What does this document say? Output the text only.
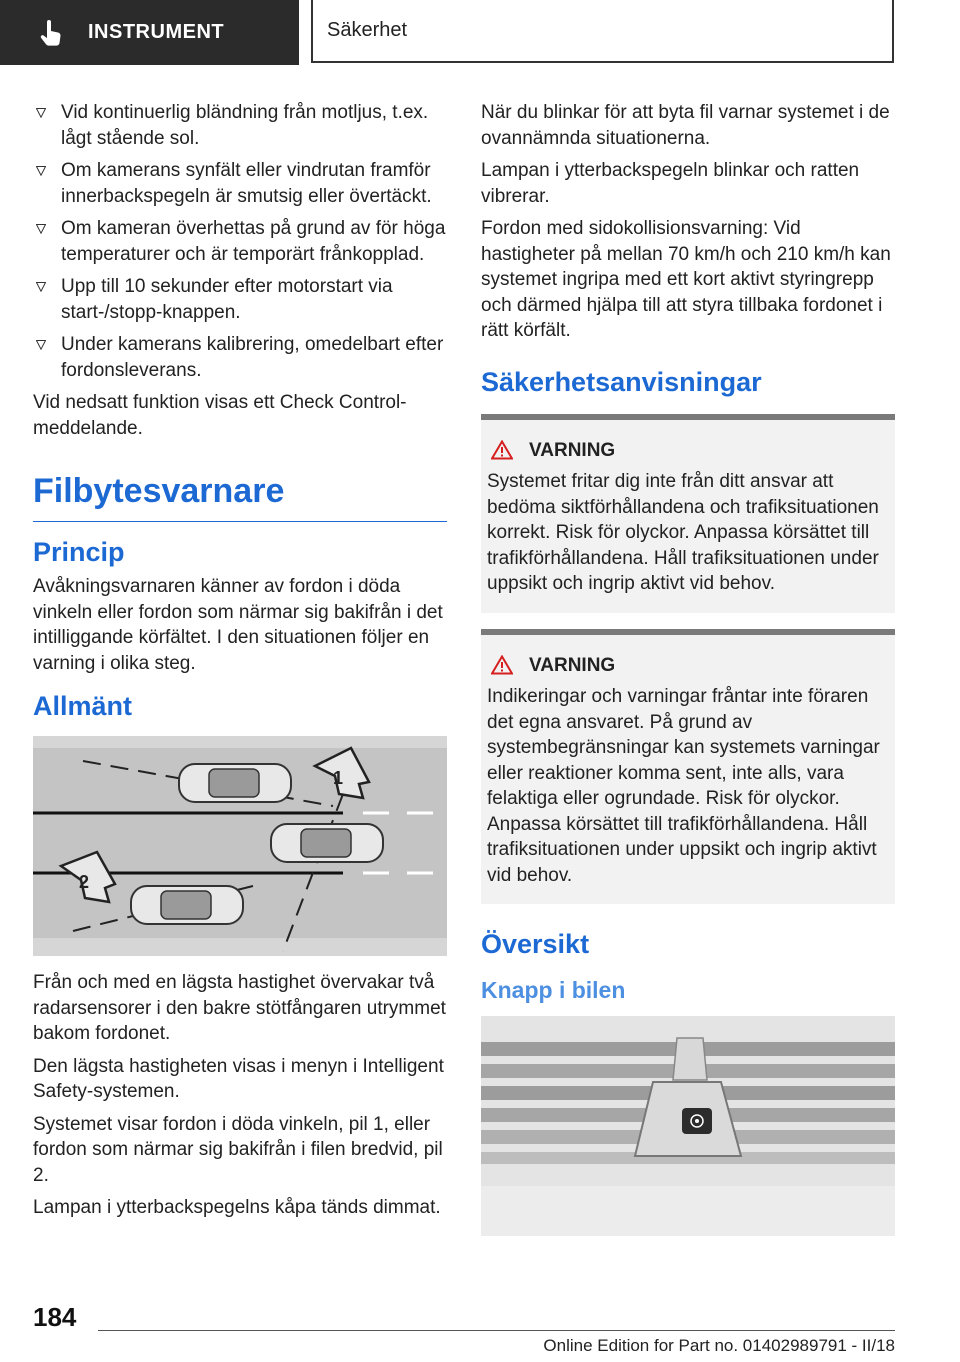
INSTRUMENT	Säkerhet
Vid kontinuerlig bländning från motljus, t.ex. lågt stående sol.
Om kamerans synfält eller vindrutan framför innerbackspegeln är smutsig eller övertäckt.
Om kameran överhettas på grund av för höga temperaturer och är temporärt frånkopplad.
Upp till 10 sekunder efter motorstart via start-/stopp-knappen.
Under kamerans kalibrering, omedelbart efter fordonsleverans.

Vid nedsatt funktion visas ett Check Control-meddelande.

Filbytesvarnare
Princip

Avåkningsvarnaren känner av fordon i döda vinkeln eller fordon som närmar sig bakifrån i det intilliggande körfältet. I den situationen följer en varning i olika steg.

Allmänt
1
2

Från och med en lägsta hastighet övervakar två radarsensorer i den bakre stötfångaren utrymmet bakom fordonet.

Den lägsta hastigheten visas i menyn i Intelligent Safety-systemen.

Systemet visar fordon i döda vinkeln, pil 1, eller fordon som närmar sig bakifrån i filen bredvid, pil 2.

Lampan i ytterbackspegelns kåpa tänds dimmat.

När du blinkar för att byta fil varnar systemet i de ovannämnda situationerna.

Lampan i ytterbackspegeln blinkar och ratten vibrerar.

Fordon med sidokollisionsvarning: Vid hastigheter på mellan 70 km/h och 210 km/h kan systemet ingripa med ett kort aktivt styringrepp och därmed hjälpa till att styra tillbaka fordonet i rätt körfält.

Säkerhetsanvisningar
VARNING
Systemet fritar dig inte från ditt ansvar att bedöma siktförhållandena och trafiksituationen korrekt. Risk för olyckor. Anpassa körsättet till trafikförhållandena. Håll trafiksituationen under uppsikt och ingrip aktivt vid behov.
VARNING
Indikeringar och varningar fråntar inte föraren det egna ansvaret. På grund av systembegränsningar kan systemets varningar eller reaktioner komma sent, inte alls, vara felaktiga eller ogrundade. Risk för olyckor. Anpassa körsättet till trafikförhållandena. Håll trafiksituationen under uppsikt och ingrip aktivt vid behov.
Översikt
Knapp i bilen
184
Online Edition for Part no. 01402989791 - II/18
